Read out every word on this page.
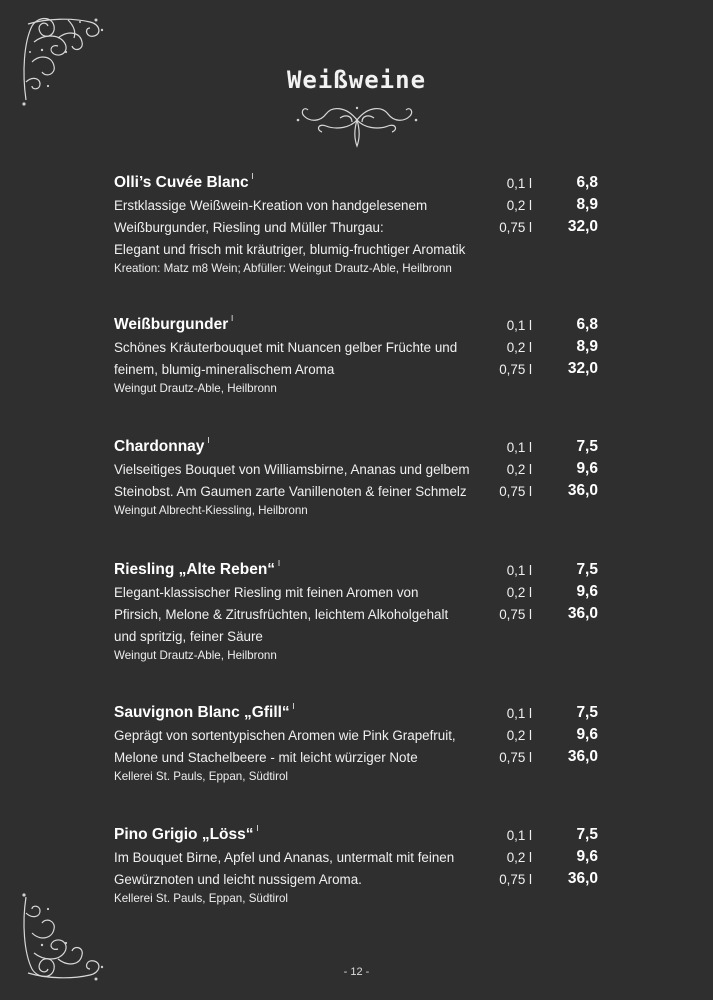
Weißweine
Olli’s Cuvée Blanc $^l$	0,1 l	6,8
Erstklassige Weißwein-Kreation von handgelesenem	0,2 l	8,9
Weißburgunder, Riesling und Müller Thurgau:	0,75 l 32,0
Elegant und frisch mit kräutriger, blumig-fruchtiger Aromatik
Kreation: Matz m8 Wein; Abfüller: Weingut Drautz-Able, Heilbronn
Weißburgunder $^l$	0,1 l	6,8
Schönes Kräuterbouquet mit Nuancen gelber Früchte und	0,2 l	8,9
feinem, blumig-mineralischem Aroma	0,75 l 32,0
Weingut Drautz-Able, Heilbronn
Chardonnay $^l$	0,1 l	7,5
Vielseitiges Bouquet von Williamsbirne, Ananas und gelbem	0,2 l	9,6
Steinobst. Am Gaumen zarte Vanillenoten & feiner Schmelz 0,75 l 36,0
Weingut Albrecht-Kiessling, Heilbronn
Riesling „Alte Reben“ $^l$	0,1 l	7,5
Elegant-klassischer Riesling mit feinen Aromen von	0,2 l	9,6
Pfirsich, Melone & Zitrusfrüchten, leichtem Alkoholgehalt	0,75 l 36,0
und spritzig, feiner Säure
Weingut Drautz-Able, Heilbronn
Sauvignon Blanc „Gfill“ $^l$	0,1 l	7,5
Geprägt von sortentypischen Aromen wie Pink Grapefruit,	0,2 l	9,6
Melone und Stachelbeere - mit leicht würziger Note	0,75 l 36,0
Kellerei St. Pauls, Eppan, Südtirol
Pino Grigio „Löss“ $^l$	0,1 l	7,5
Im Bouquet Birne, Apfel und Ananas, untermalt mit feinen	0,2 l	9,6
Gewürznoten und leicht nussigem Aroma.	0,75 l 36,0
Kellerei St. Pauls, Eppan, Südtirol
- 12 -
